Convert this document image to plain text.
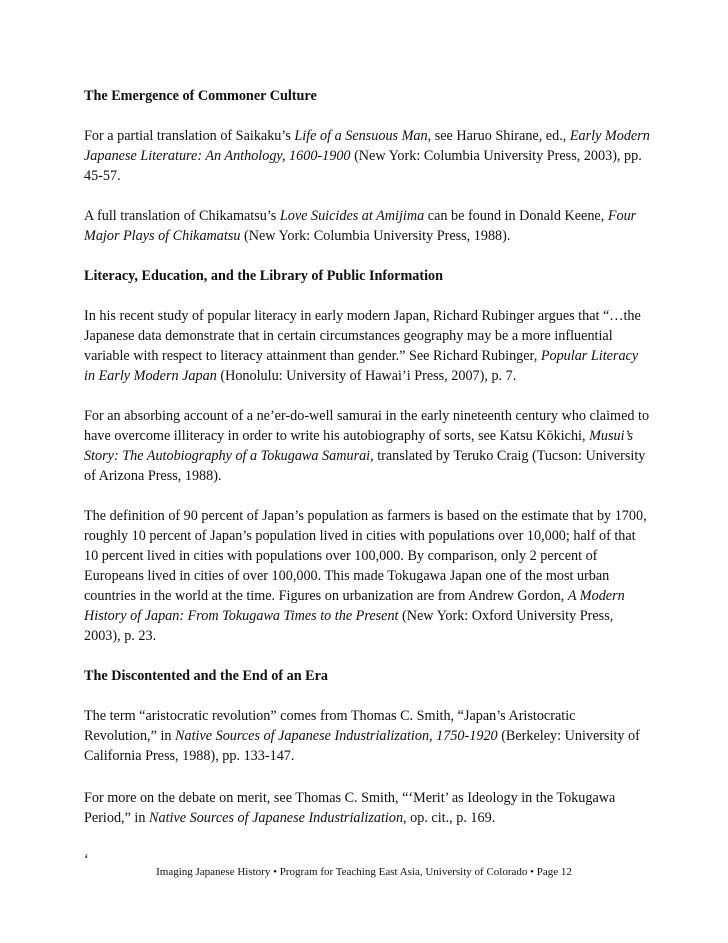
The Emergence of Commoner Culture

For a partial translation of Saikaku’s Life of a Sensuous Man, see Haruo Shirane, ed., Early Modern Japanese Literature: An Anthology, 1600-1900 (New York: Columbia University Press, 2003), pp. 45-57.

A full translation of Chikamatsu’s Love Suicides at Amijima can be found in Donald Keene, Four Major Plays of Chikamatsu (New York: Columbia University Press, 1988).

Literacy, Education, and the Library of Public Information

In his recent study of popular literacy in early modern Japan, Richard Rubinger argues that “…the Japanese data demonstrate that in certain circumstances geography may be a more influential variable with respect to literacy attainment than gender.” See Richard Rubinger, Popular Literacy in Early Modern Japan (Honolulu: University of Hawai’i Press, 2007), p. 7.

For an absorbing account of a ne’er-do-well samurai in the early nineteenth century who claimed to have overcome illiteracy in order to write his autobiography of sorts, see Katsu Kōkichi, Musui’s Story: The Autobiography of a Tokugawa Samurai, translated by Teruko Craig (Tucson: University of Arizona Press, 1988).

The definition of 90 percent of Japan’s population as farmers is based on the estimate that by 1700, roughly 10 percent of Japan’s population lived in cities with populations over 10,000; half of that 10 percent lived in cities with populations over 100,000. By comparison, only 2 percent of Europeans lived in cities of over 100,000. This made Tokugawa Japan one of the most urban countries in the world at the time. Figures on urbanization are from Andrew Gordon, A Modern History of Japan: From Tokugawa Times to the Present (New York: Oxford University Press, 2003), p. 23.

The Discontented and the End of an Era

The term “aristocratic revolution” comes from Thomas C. Smith, “Japan’s Aristocratic Revolution,” in Native Sources of Japanese Industrialization, 1750-1920 (Berkeley: University of California Press, 1988), pp. 133-147.

For more on the debate on merit, see Thomas C. Smith, “‘Merit’ as Ideology in the Tokugawa Period,” in Native Sources of Japanese Industrialization, op. cit., p. 169.

ʻ
Imaging Japanese History • Program for Teaching East Asia, University of Colorado • Page 12
